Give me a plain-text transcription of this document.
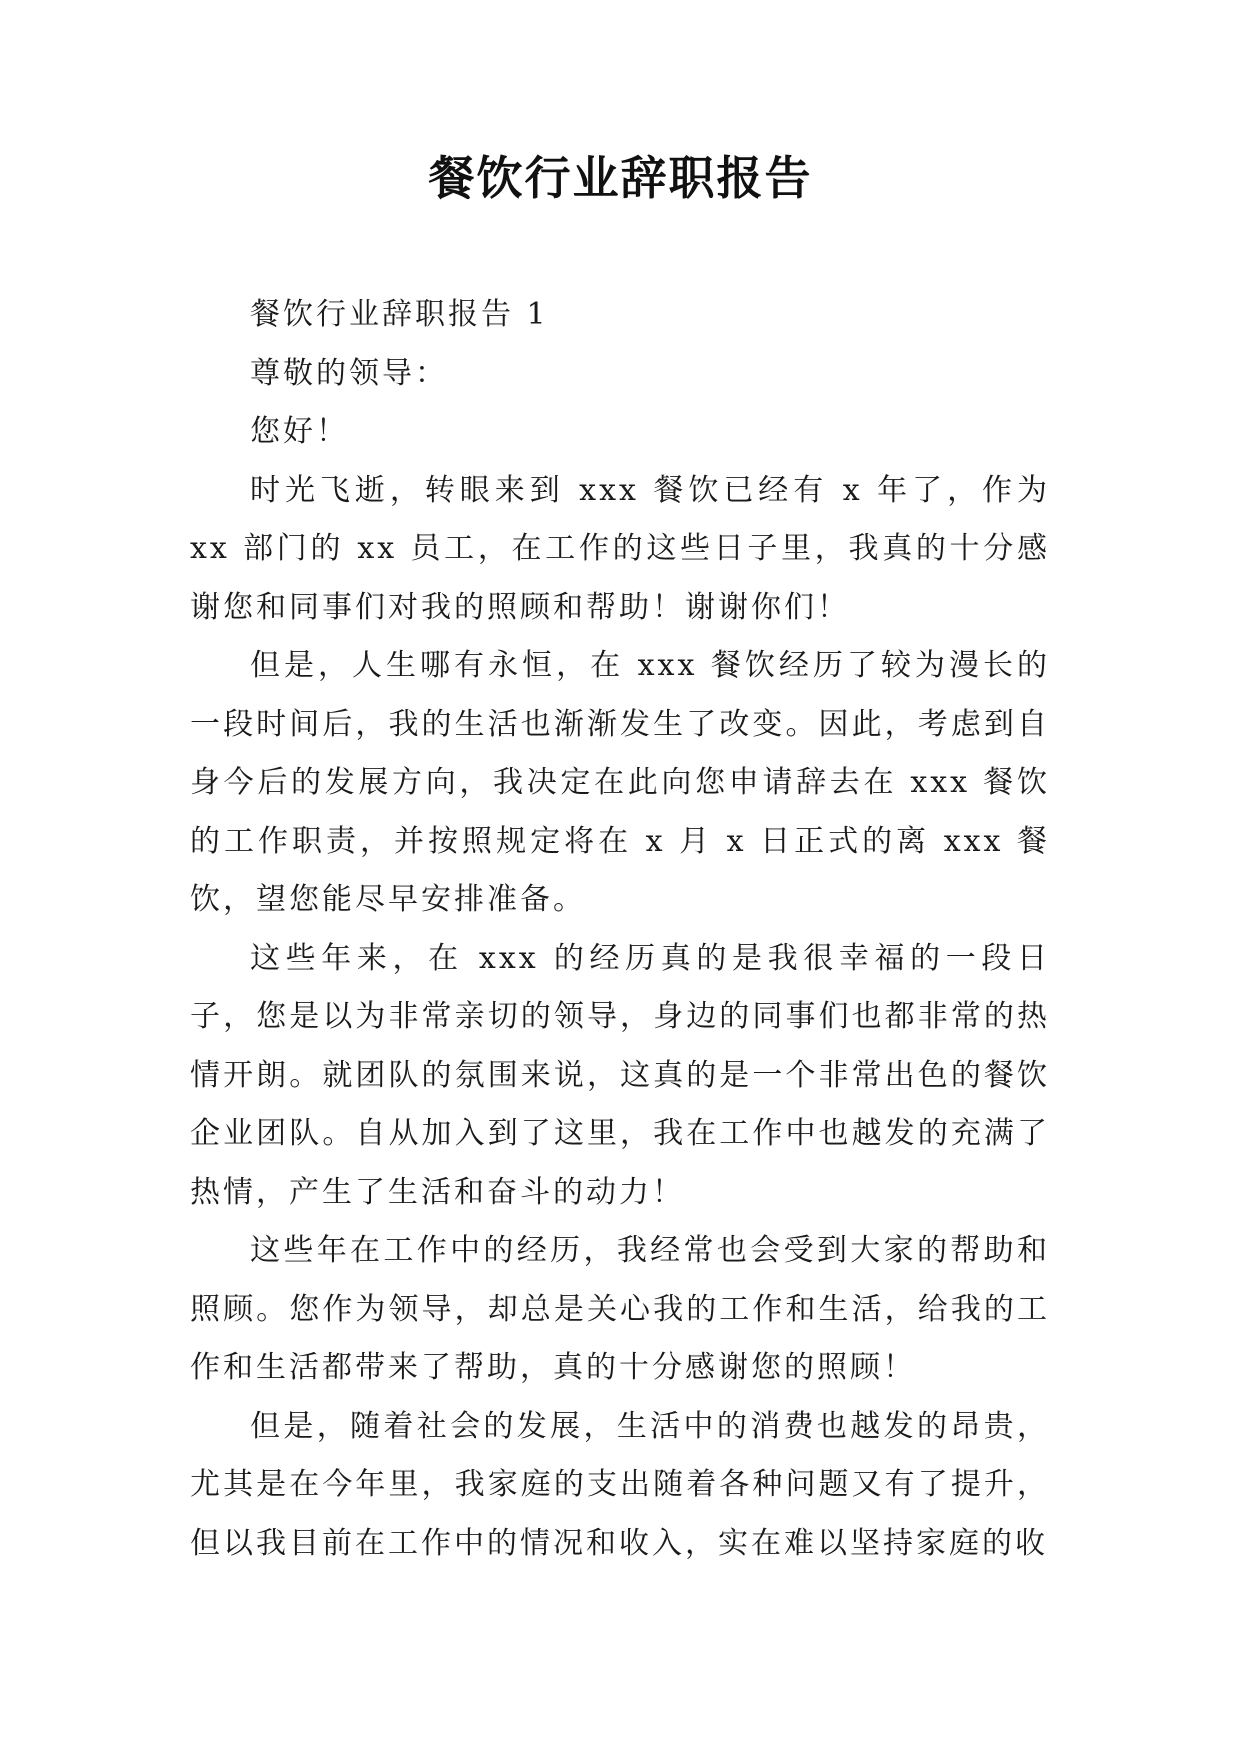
餐饮行业辞职报告

餐饮行业辞职报告 1

尊敬的领导：

您好！

时光飞逝，转眼来到 xxx 餐饮已经有 x 年了，作为 xx 部门的 xx 员工，在工作的这些日子里，我真的十分感谢您和同事们对我的照顾和帮助！谢谢你们！

但是，人生哪有永恒，在 xxx 餐饮经历了较为漫长的一段时间后，我的生活也渐渐发生了改变。因此，考虑到自身今后的发展方向，我决定在此向您申请辞去在 xxx 餐饮的工作职责，并按照规定将在 x 月 x 日正式的离 xxx 餐饮，望您能尽早安排准备。

这些年来，在 xxx 的经历真的是我很幸福的一段日子，您是以为非常亲切的领导，身边的同事们也都非常的热情开朗。就团队的氛围来说，这真的是一个非常出色的餐饮企业团队。自从加入到了这里，我在工作中也越发的充满了热情，产生了生活和奋斗的动力！

这些年在工作中的经历，我经常也会受到大家的帮助和照顾。您作为领导，却总是关心我的工作和生活，给我的工作和生活都带来了帮助，真的十分感谢您的照顾！

但是，随着社会的发展，生活中的消费也越发的昂贵，尤其是在今年里，我家庭的支出随着各种问题又有了提升，但以我目前在工作中的情况和收入，实在难以坚持家庭的收
